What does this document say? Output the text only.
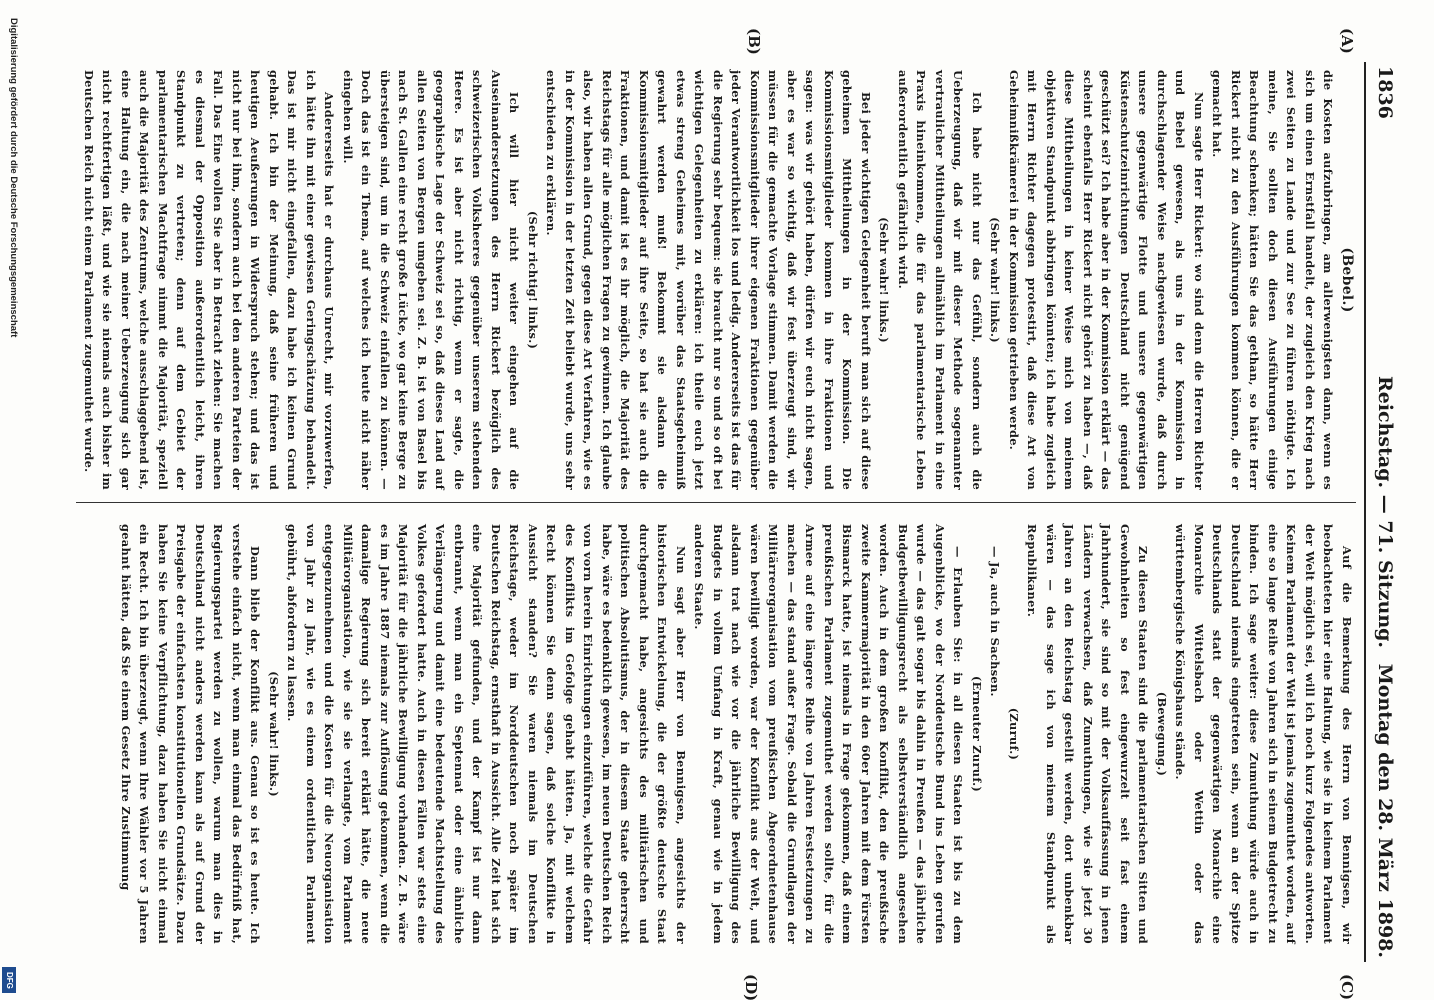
Digitalisierung gefördert durch die Deutsche Forschungsgemeinschaft
DFG
1836
Reichstag. — 71. Sitzung.
Montag den 28. März 1898.
(A)
(B)
(C)
(D)
(Bebel.)

die Kosten aufzubringen, am allerwenigsten dann, wenn es sich um einen Ernstfall handelt, der zugleich den Krieg nach zwei Seiten zu Lande und zur See zu führen nöthigte. Ich meine, Sie sollten doch diesen Ausführungen einige Beachtung schenken; hätten Sie das gethan, so hätte Herr Rickert nicht zu den Ausführungen kommen können, die er gemacht hat.

Nun sagte Herr Rickert: wo sind denn die Herren Richter und Bebel gewesen, als uns in der Kommission in durchschlagender Weise nachgewiesen wurde, daß durch unsere gegenwärtige Flotte und unsere gegenwärtigen Küstenschutzeinrichtungen Deutschland nicht genügend geschützt sei? Ich habe aber in der Kommission erklärt — das scheint ebenfalls Herr Rickert nicht gehört zu haben —, daß diese Mittheilungen in keiner Weise mich von meinem objektiven Standpunkt abbringen könnten; ich habe zugleich mit Herrn Richter dagegen protestirt, daß diese Art von Geheimnißkrämerei in der Kommission getrieben werde.

(Sehr wahr! links.)

Ich habe nicht nur das Gefühl, sondern auch die Ueberzeugung, daß wir mit dieser Methode sogenannter vertraulicher Mittheilungen allmählich im Parlament in eine Praxis hineinkommen, die für das parlamentarische Leben außerordentlich gefährlich wird.

(Sehr wahr! links.)

Bei jeder wichtigen Gelegenheit beruft man sich auf diese geheimen Mittheilungen in der Kommission. Die Kommissionsmitglieder kommen in ihre Fraktionen und sagen: was wir gehört haben, dürfen wir euch nicht sagen, aber es war so wichtig, daß wir fest überzeugt sind, wir müssen für die gemachte Vorlage stimmen. Damit werden die Kommissionsmitglieder ihrer eigenen Fraktionen gegenüber jeder Verantwortlichkeit los und ledig. Andererseits ist das für die Regierung sehr bequem: sie braucht nur so und so oft bei wichtigen Gelegenheiten zu erklären: ich theile euch jetzt etwas streng Geheimes mit, worüber das Staatsgeheimniß gewahrt werden muß! Bekommt sie alsdann die Kommissionsmitglieder auf ihre Seite, so hat sie auch die Fraktionen, und damit ist es ihr möglich, die Majorität des Reichstags für alle möglichen Fragen zu gewinnen. Ich glaube also, wir haben allen Grund, gegen diese Art Verfahren, wie es in der Kommission in der letzten Zeit beliebt wurde, uns sehr entschieden zu erklären.

(Sehr richtig! links.)

Ich will hier nicht weiter eingehen auf die Auseinandersetzungen des Herrn Rickert bezüglich des schweizerischen Volksheeres gegenüber unserem stehenden Heere. Es ist aber nicht richtig, wenn er sagte, die geographische Lage der Schweiz sei so, daß dieses Land auf allen Seiten von Bergen umgeben sei. Z. B. ist von Basel bis nach St. Gallen eine recht große Lücke, wo gar keine Berge zu übersteigen sind, um in die Schweiz einfallen zu können. — Doch das ist ein Thema, auf welches ich heute nicht näher eingehen will.

Andererseits hat er durchaus Unrecht, mir vorzuwerfen, ich hätte ihn mit einer gewissen Geringschätzung behandelt. Das ist mir nicht eingefallen, dazu habe ich keinen Grund gehabt. Ich bin der Meinung, daß seine früheren und heutigen Aeußerungen in Widerspruch stehen; und das ist nicht nur bei ihm, sondern auch bei den anderen Parteien der Fall. Das Eine wollen Sie aber in Betracht ziehen: Sie machen es diesmal der Opposition außerordentlich leicht, ihren Standpunkt zu vertreten; denn auf dem Gebiet der parlamentarischen Machtfrage nimmt die Majorität, speziell auch die Majorität des Zentrums, welche ausschlaggebend ist, eine Haltung ein, die nach meiner Ueberzeugung sich gar nicht rechtfertigen läßt, und wie sie niemals auch bisher im Deutschen Reich nicht einem Parlament zugemuthet wurde.

Auf die Bemerkung des Herrn von Bennigsen, wir beobachteten hier eine Haltung, wie sie in keinem Parlament der Welt möglich sei, will ich noch kurz Folgendes antworten. Keinem Parlament der Welt ist jemals zugemuthet worden, auf eine so lange Reihe von Jahren sich in seinem Budgetrecht zu binden. Ich sage weiter: diese Zumuthung würde auch in Deutschland niemals eingetreten sein, wenn an der Spitze Deutschlands statt der gegenwärtigen Monarchie eine Monarchie Wittelsbach oder Wettin oder das württembergische Königshaus stände.

(Bewegung.)

Zu diesen Staaten sind die parlamentarischen Sitten und Gewohnheiten so fest eingewurzelt seit fast einem Jahrhundert, sie sind so mit der Volksauffassung in jenen Ländern verwachsen, daß Zumuthungen, wie sie jetzt 30 Jahren an den Reichstag gestellt werden, dort unbenkbar wären — das sage ich von meinem Standpunkt als Republikaner.

(Zuruf.)

— Ja, auch in Sachsen.

(Erneuter Zuruf.)

— Erlauben Sie: in all diesen Staaten ist bis zu dem Augenblicke, wo der Norddeutsche Bund ins Leben gerufen wurde — das galt sogar bis dahin in Preußen — das jährliche Budgetbewilligungsrecht als selbstverständlich angesehen worden. Auch in dem großen Konflikt, den die preußische zweite Kammermajorität in den 60er Jahren mit dem Fürsten Bismarck hatte, ist niemals in Frage gekommen, daß einem preußischen Parlament zugemuthet werden sollte, für die Armee auf eine längere Reihe von Jahren Festsetzungen zu machen — das stand außer Frage. Sobald die Grundlagen der Militärreorganisation vom preußischen Abgeordnetenhause wären bewilligt worden, war der Konflikt aus der Welt, und alsdann trat nach wie vor die jährliche Bewilligung des Budgets in vollem Umfang in Kraft, genau wie in jedem anderen Staate.

Nun sagt aber Herr von Bennigsen, angesichts der historischen Entwickelung, die der größte deutsche Staat durchgemacht habe, angesichts des militärischen und politischen Absolutismus, der in diesem Staate geherrscht habe, wäre es bedenklich gewesen, im neuen Deutschen Reich von vorn herein Einrichtungen einzuführen, welche die Gefahr des Konflikts im Gefolge gehabt hätten. Ja, mit welchem Recht können Sie denn sagen, daß solche Konflikte in Aussicht standen? Sie waren niemals im Deutschen Reichstage, weder im Norddeutschen noch später im Deutschen Reichstag, ernsthaft in Aussicht. Alle Zeit hat sich eine Majorität gefunden, und der Kampf ist nur dann entbrannt, wenn man ein Septennat oder eine ähnliche Verlängerung und damit eine bedeutende Machtstellung des Volkes gefordert hatte. Auch in diesen Fällen war stets eine Majorität für die jährliche Bewilligung vorhanden. Z. B. wäre es im Jahre 1887 niemals zur Auflösung gekommen, wenn die damalige Regierung sich bereit erklärt hätte, die neue Militärorganisation, wie sie sie verlangte, vom Parlament entgegenzunehmen und die Kosten für die Neuorganisation von Jahr zu Jahr, wie es einem ordentlichen Parlament gebührt, abfordern zu lassen.

(Sehr wahr! links.)

Dann blieb der Konflikt aus. Genau so ist es heute. Ich verstehe einfach nicht, wenn man einmal das Bedürfniß hat, Regierungspartei werden zu wollen, warum man dies in Deutschland nicht anders werden kann als auf Grund der Preisgabe der einfachsten konstitutionellen Grundsätze. Dazu haben Sie keine Verpflichtung, dazu haben Sie nicht einmal ein Recht. Ich bin überzeugt, wenn Ihre Wähler vor 5 Jahren geahnt hätten, daß Sie einem Gesetz Ihre Zustimmung
